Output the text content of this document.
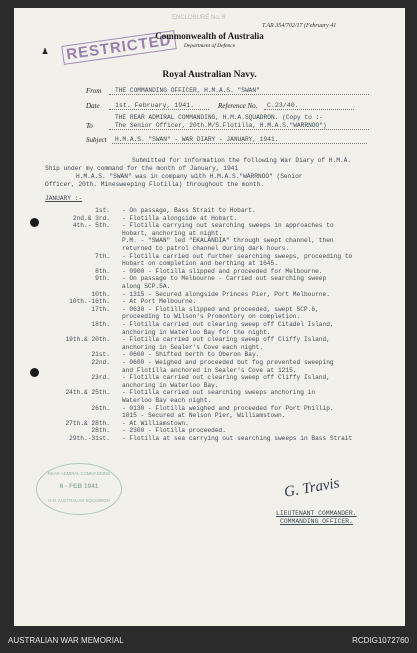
ENCLOSURE No. 6
T.AR 354/702/17 (February 41
♟ RESTRICTED
Commonwealth of Australia
Department of Defence
Royal Australian Navy.
From THE COMMANDING OFFICER, H.M.A.S. "SWAN"
Date 1st. February, 1941.	Reference No. C.23/40.
THE REAR ADMIRAL COMMANDING, H.M.A.SQUADRON. (Copy to :-
To	The Senior Officer, 20th.M/S.Flotilla, H.M.A.S."WARRNOO")
Subject H.M.A.S. "SWAN" - WAR DIARY - JANUARY, 1941.
Submitted for information the following War Diary of H.M.A.
Ship under my command for the month of January, 1941
H.M.A.S. "SWAN" was in company with H.M.A.S."WARRNOO" (Senior
Officer, 20th. Minesweeping Flotilla) throughout the month.
JANUARY :-
1st. - On passage, Bass Strait to Hobart.
2nd.& 3rd. - Flotilla alongside at Hobart.
4th.- 5th. - Flotilla carrying out searching sweeps in approaches to
Hobart, anchoring at night.
P.M. - "SWAN" led "EKALANDIA" through swept channel, then
returned to patrol channel during dark hours.
7th. - Flotilla carried out further searching sweeps, proceeding to
Hobart on completion and berthing at 1645.
8th. - 0900 - Flotilla slipped and proceeded for Melbourne.
9th. - On passage to Melbourne - Carried out searching sweep
along SCP.5A.
10th. - 1315 - Secured alongside Princes Pier, Port Melbourne.
10th.-16th. - At Port Melbourne.
17th. - 0630 - Flotilla slipped and proceeded, swept SCP.6,
proceeding to Wilson's Promontory on completion.
18th. - Flotilla carried out clearing sweep off Citadel Island,
anchoring in Waterloo Bay for the night.
19th.& 20th. - Flotilla carried out clearing sweep off Cliffy Island,
anchoring in Sealer's Cove each night.
21st. - 0600 - Shifted berth to Oberon Bay.
22nd. - 0600 - Weighed and proceeded but fog prevented sweeping
and Flotilla anchored in Sealer's Cove at 1215.
23rd. - Flotilla carried out clearing sweep off Cliffy Island,
anchoring in Waterloo Bay.
24th.& 25th. - Flotilla carried out searching sweeps anchoring in
Waterloo Bay each night.
26th. - 0130 - Flotilla weighed and proceeded for Port Phillip.
1015 - Secured at Nelson Pier, Williamstown.
27th.& 28th. - At Williamstown.
28th. - 2300 - Flotilla proceeded.
29th.-31st. - Flotilla at sea carrying out searching sweeps in Bass Strait
REAR-ADMIRAL COMMANDING
6 - FEB 1941
H.M. AUSTRALIAN SQUADRON	G. Travis
LIEUTENANT COMMANDER.
COMMANDING OFFICER.
AUSTRALIAN WAR MEMORIAL	RCDIG1072760
